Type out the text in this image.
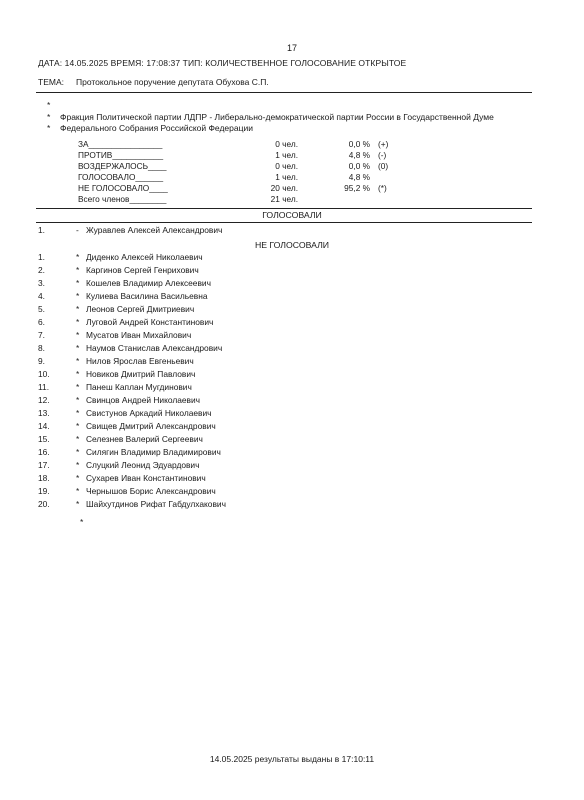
17
ДАТА: 14.05.2025 ВРЕМЯ: 17:08:37 ТИП: КОЛИЧЕСТВЕННОЕ ГОЛОСОВАНИЕ ОТКРЫТОЕ
ТЕМА: Протокольное поручение депутата Обухова С.П.
*
* Фракция Политической партии ЛДПР - Либерально-демократической партии России в Государственной Думе
* Федерального Собрания Российской Федерации
ЗА________________	0 чел.	0,0 % (+)
ПРОТИВ___________	1 чел.	4,8 % (-)
ВОЗДЕРЖАЛОСЬ____	0 чел.	0,0 % (0)
ГОЛОСОВАЛО______	1 чел.	4,8 %
НЕ ГОЛОСОВАЛО____	20 чел.	95,2 % (*)
Всего членов________	21 чел.
ГОЛОСОВАЛИ
1.	- Журавлев Алексей Александрович
НЕ ГОЛОСОВАЛИ
1.	* Диденко Алексей Николаевич
2.	* Каргинов Сергей Генрихович
3.	* Кошелев Владимир Алексеевич
4.	* Кулиева Василина Васильевна
5.	* Леонов Сергей Дмитриевич
6.	* Луговой Андрей Константинович
7.	* Мусатов Иван Михайлович
8.	* Наумов Станислав Александрович
9.	* Нилов Ярослав Евгеньевич
10.	* Новиков Дмитрий Павлович
11.	* Панеш Каплан Мугдинович
12.	* Свинцов Андрей Николаевич
13.	* Свистунов Аркадий Николаевич
14.	* Свищев Дмитрий Александрович
15.	* Селезнев Валерий Сергеевич
16.	* Силягин Владимир Владимирович
17.	* Слуцкий Леонид Эдуардович
18.	* Сухарев Иван Константинович
19.	* Чернышов Борис Александрович
20.	* Шайхутдинов Рифат Габдулхакович
*
14.05.2025 результаты выданы в 17:10:11
